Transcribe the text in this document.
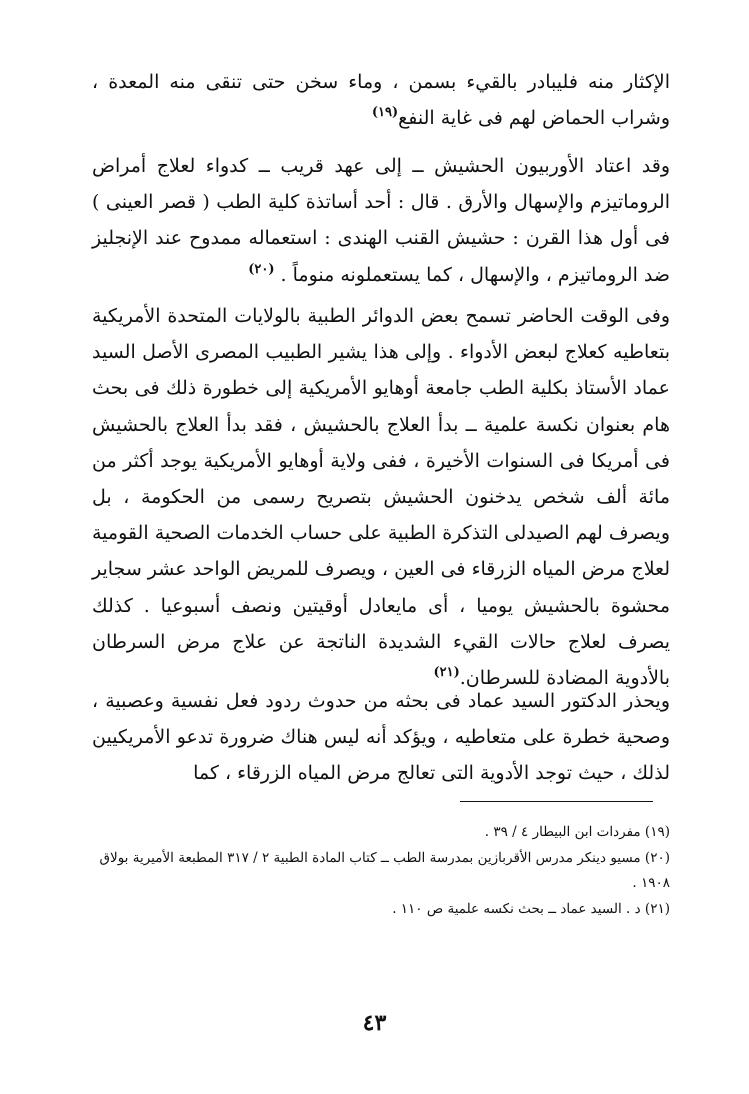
الإكثار منه فليبادر بالقيء بسمن ، وماء سخن حتى تنقى منه المعدة ، وشراب الحماض لهم فى غاية النفع$^{(١٩)}$

وقد اعتاد الأوربيون الحشيش ــ إلى عهد قريب ــ كدواء لعلاج أمراض الروماتيزم والإسهال والأرق . قال : أحد أساتذة كلية الطب ( قصر العينى ) فى أول هذا القرن : حشيش القنب الهندى : استعماله ممدوح عند الإنجليز ضد الروماتيزم ، والإسهال ، كما يستعملونه منوماً . $^{(٢٠)}$

وفى الوقت الحاضر تسمح بعض الدوائر الطبية بالولايات المتحدة الأمريكية بتعاطيه كعلاج لبعض الأدواء . وإلى هذا يشير الطبيب المصرى الأصل السيد عماد الأستاذ بكلية الطب جامعة أوهايو الأمريكية إلى خطورة ذلك فى بحث هام بعنوان نكسة علمية ــ بدأ العلاج بالحشيش ، فقد بدأ العلاج بالحشيش فى أمريكا فى السنوات الأخيرة ، ففى ولاية أوهايو الأمريكية يوجد أكثر من مائة ألف شخص يدخنون الحشيش بتصريح رسمى من الحكومة ، بل ويصرف لهم الصيدلى التذكرة الطبية على حساب الخدمات الصحية القومية لعلاج مرض المياه الزرقاء فى العين ، ويصرف للمريض الواحد عشر سجاير محشوة بالحشيش يوميا ، أى مايعادل أوقيتين ونصف أسبوعيا . كذلك يصرف لعلاج حالات القيء الشديدة الناتجة عن علاج مرض السرطان بالأدوية المضادة للسرطان.$^{(٢١)}$

ويحذر الدكتور السيد عماد فى بحثه من حدوث ردود فعل نفسية وعصبية ، وصحية خطرة على متعاطيه ، ويؤكد أنه ليس هناك ضرورة تدعو الأمريكيين لذلك ، حيث توجد الأدوية التى تعالج مرض المياه الزرقاء ، كما

(١٩) مفردات ابن البيطار ٤ / ٣٩ .

(٢٠) مسيو دينكر مدرس الأقربازين بمدرسة الطب ــ كتاب المادة الطبية ٢ / ٣١٧ المطبعة الأميرية بولاق ١٩٠٨ .

(٢١) د . السيد عماد ــ بحث نكسه علمية ص ١١٠ .

٤٣
